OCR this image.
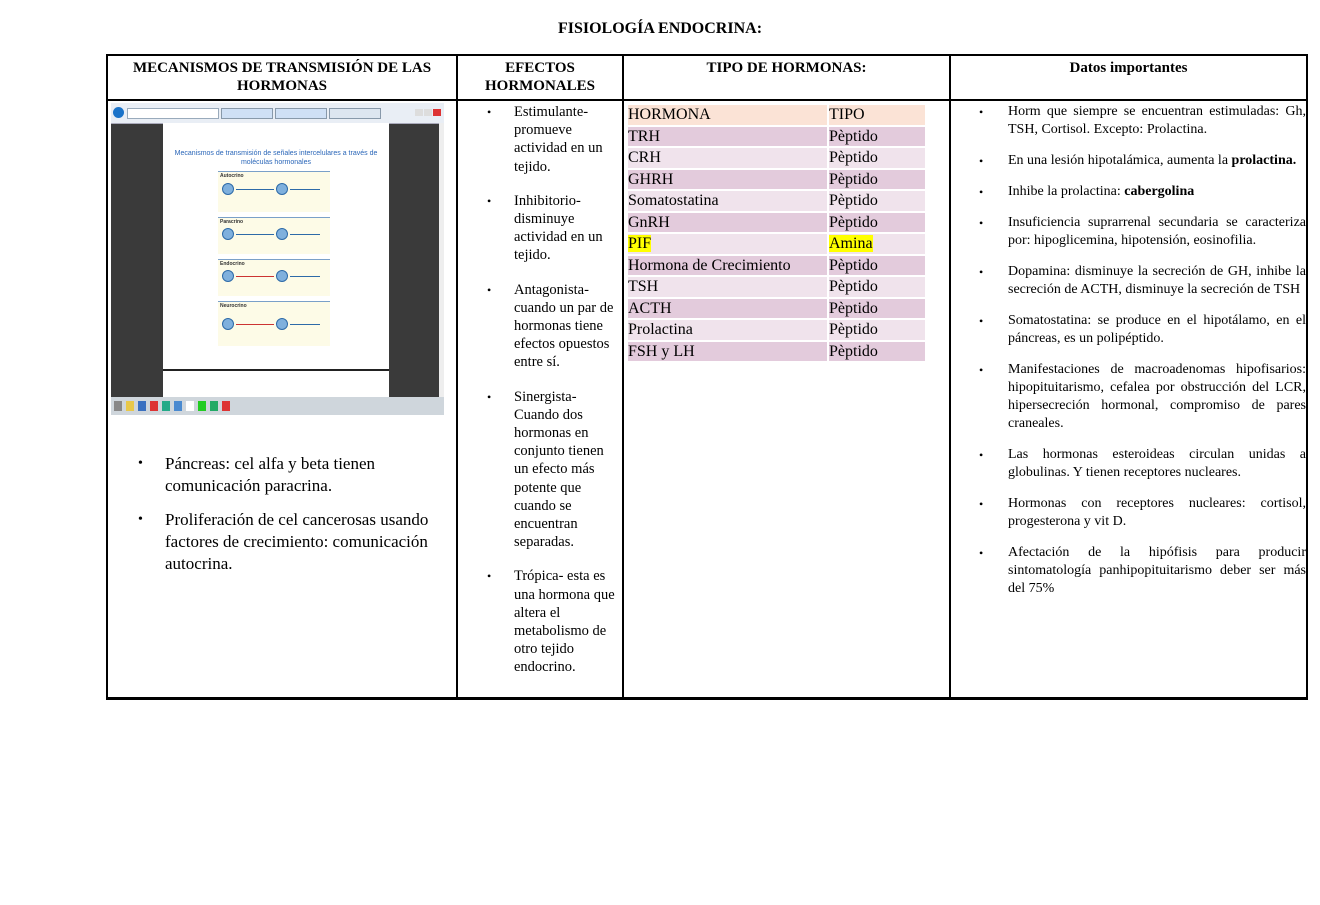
FISIOLOGÍA ENDOCRINA:
MECANISMOS DE TRANSMISIÓN DE LAS HORMONAS	EFECTOS HORMONALES	TIPO DE HORMONAS:	Datos importantes

Mecanismos de transmisión de señales intercelulares a través de moléculas hormonales
Autocrino
Paracrino
Endocrino
Neurocrino
• Páncreas: cel alfa y beta tienen comunicación paracrina.
• Proliferación de cel cancerosas usando factores de crecimiento: comunicación autocrina.

• Estimulante- promueve actividad en un tejido.
• Inhibitorio- disminuye actividad en un tejido.
• Antagonista- cuando un par de hormonas tiene efectos opuestos entre sí.
• Sinergista- Cuando dos hormonas en conjunto tienen un efecto más potente que cuando se encuentran separadas.
• Trópica- esta es una hormona que altera el metabolismo de otro tejido endocrino.

HORMONA	TIPO
TRH	Pèptido
CRH	Pèptido
GHRH	Pèptido
Somatostatina	Pèptido
GnRH	Pèptido
PIF	Amina
Hormona de Crecimiento	Pèptido
TSH	Pèptido
ACTH	Pèptido
Prolactina	Pèptido
FSH y LH	Pèptido

• Horm que siempre se encuentran estimuladas: Gh, TSH, Cortisol. Excepto: Prolactina.
• En una lesión hipotalámica, aumenta la prolactina.
• Inhibe la prolactina: cabergolina
• Insuficiencia suprarrenal secundaria se caracteriza por: hipoglicemina, hipotensión, eosinofilia.
• Dopamina: disminuye la secreción de GH, inhibe la secreción de ACTH, disminuye la secreción de TSH
• Somatostatina: se produce en el hipotálamo, en el páncreas, es un polipéptido.
• Manifestaciones de macroadenomas hipofisarios: hipopituitarismo, cefalea por obstrucción del LCR, hipersecreción hormonal, compromiso de pares craneales.
• Las hormonas esteroideas circulan unidas a globulinas. Y tienen receptores nucleares.
• Hormonas con receptores nucleares: cortisol, progesterona y vit D.
• Afectación de la hipófisis para producir sintomatología panhipopituitarismo deber ser más del 75%
